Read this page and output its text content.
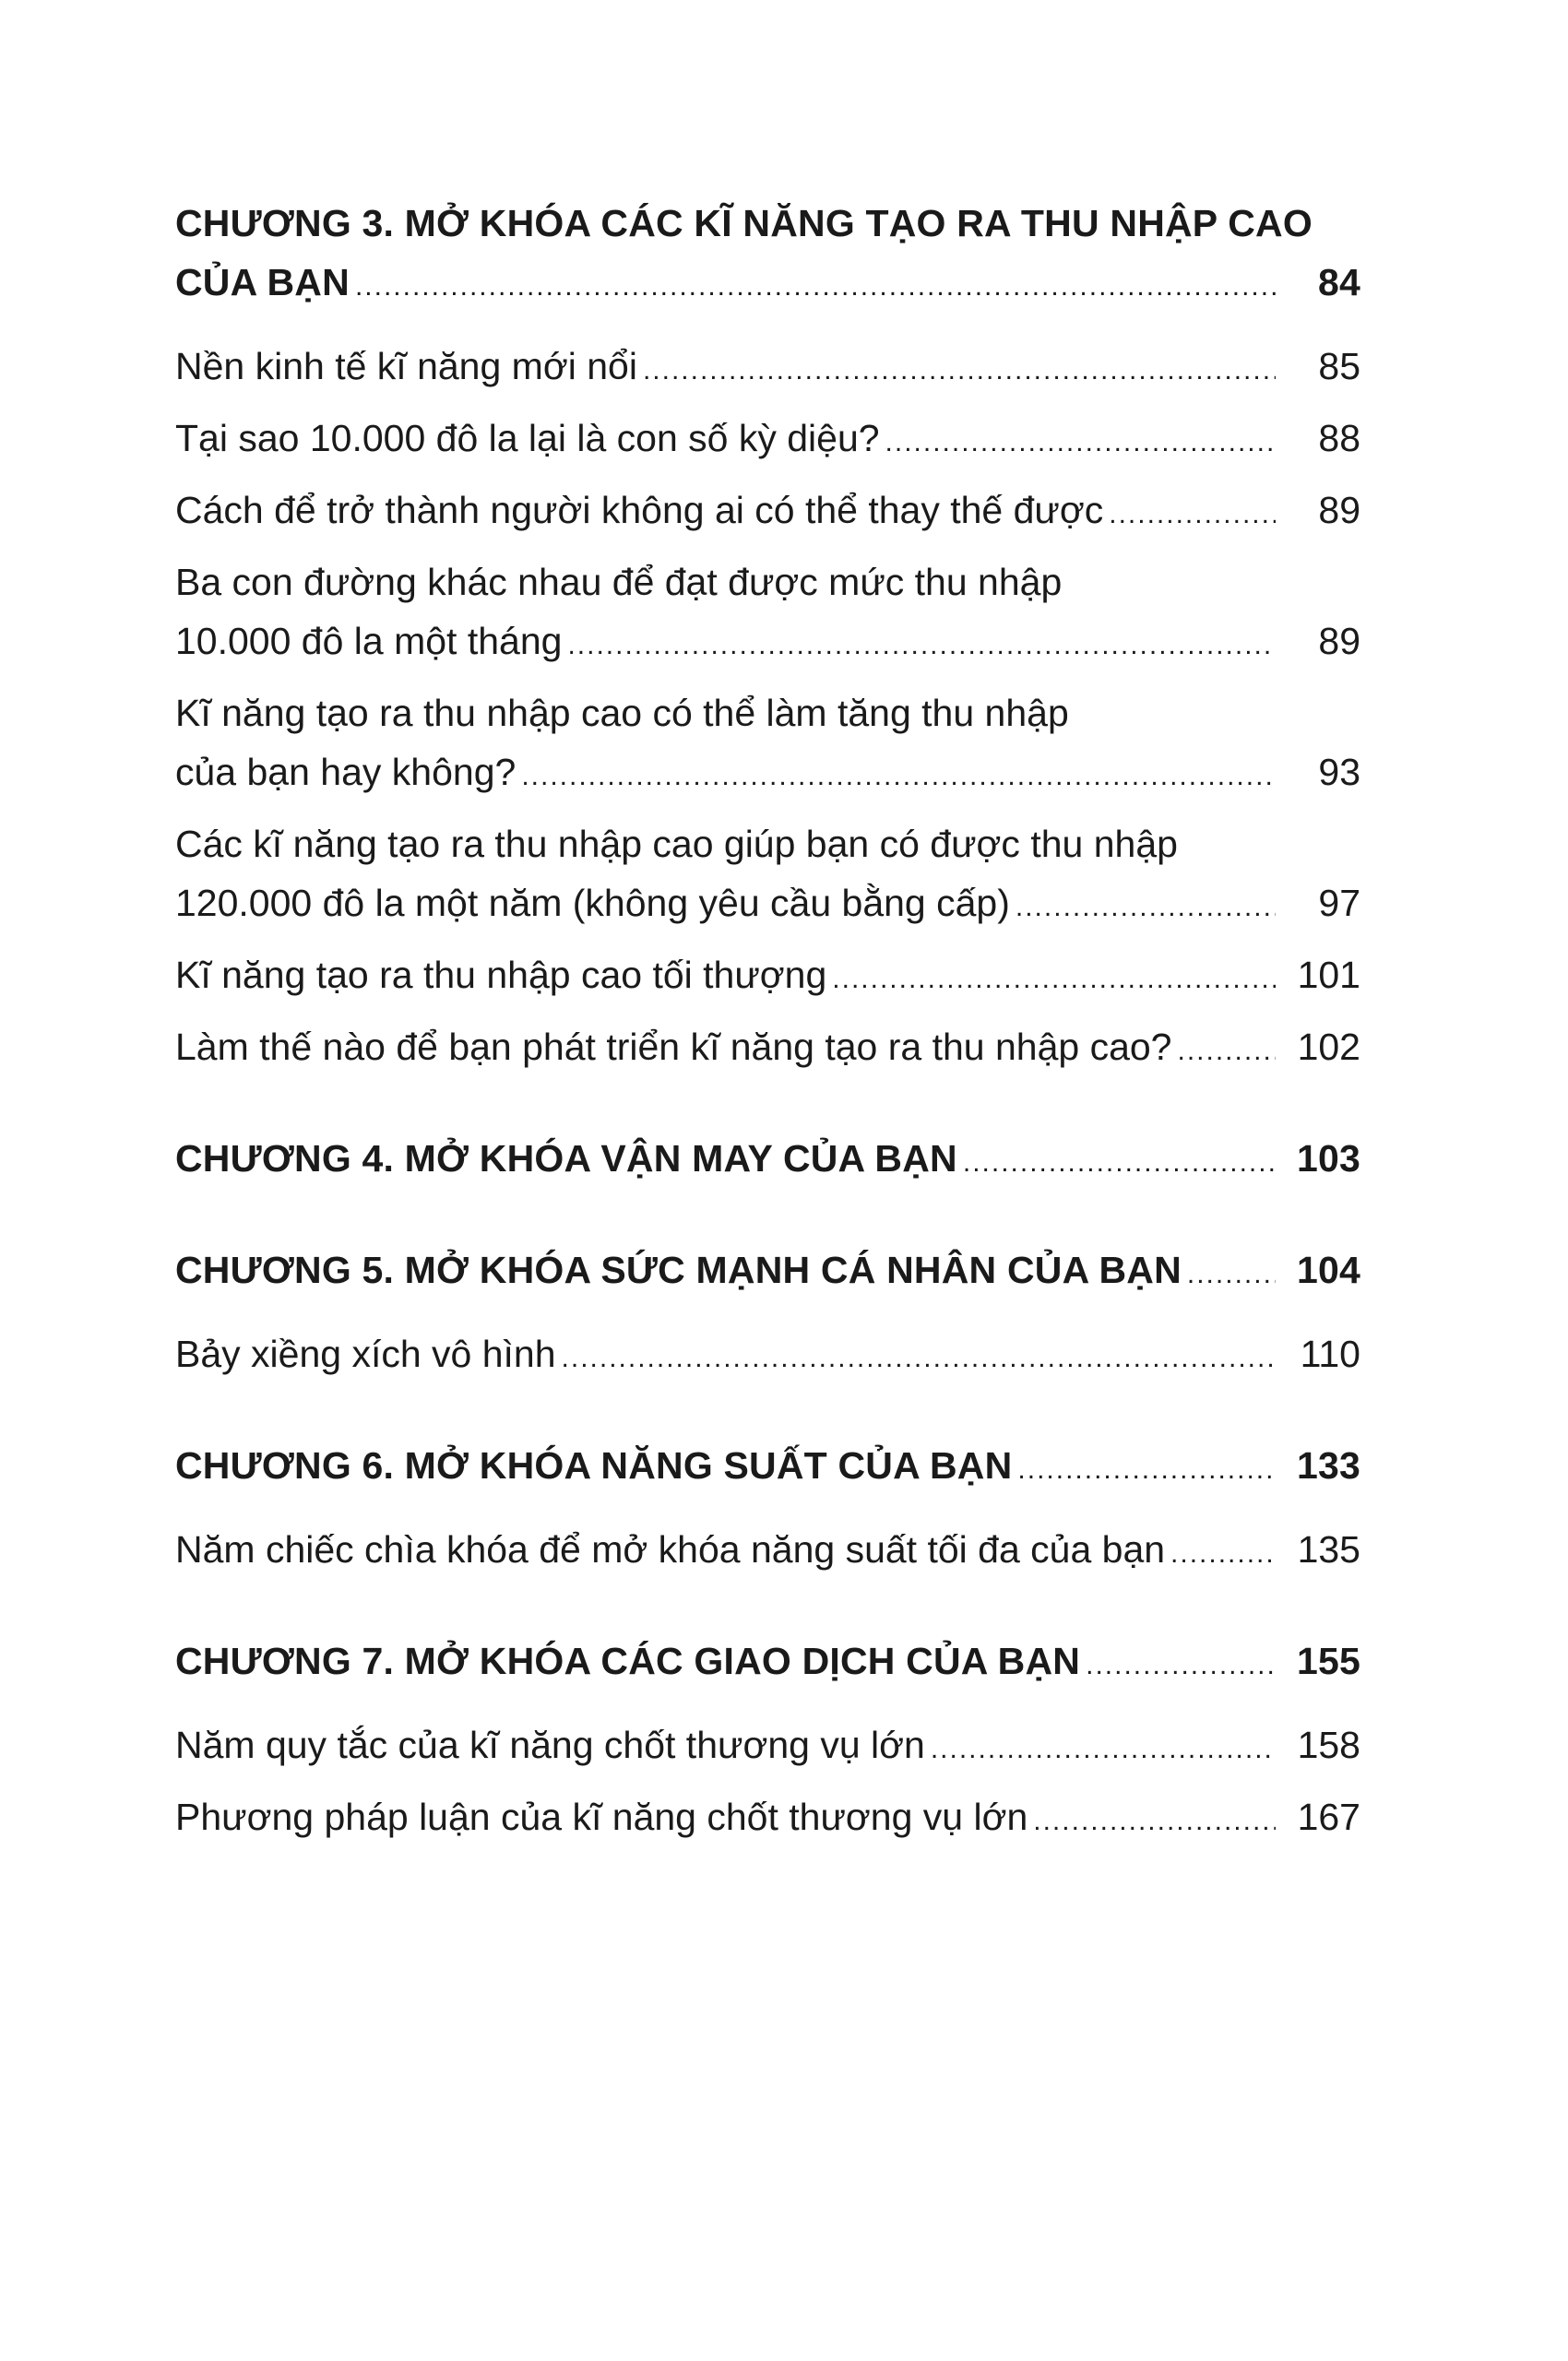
CHƯƠNG 3. MỞ KHÓA CÁC KĨ NĂNG TẠO RA THU NHẬP CAO
CỦA BẠN .....	84
Nền kinh tế kĩ năng mới nổi .....	85
Tại sao 10.000 đô la lại là con số kỳ diệu? .....	88
Cách để trở thành người không ai có thể thay thế được .....	89
Ba con đường khác nhau để đạt được mức thu nhập
10.000 đô la một tháng .....	89
Kĩ năng tạo ra thu nhập cao có thể làm tăng thu nhập
của bạn hay không? .....	93
Các kĩ năng tạo ra thu nhập cao giúp bạn có được thu nhập
120.000 đô la một năm (không yêu cầu bằng cấp) .....	97
Kĩ năng tạo ra thu nhập cao tối thượng .....	101
Làm thế nào để bạn phát triển kĩ năng tạo ra thu nhập cao? .....	102
CHƯƠNG 4. MỞ KHÓA VẬN MAY CỦA BẠN .....	103
CHƯƠNG 5. MỞ KHÓA SỨC MẠNH CÁ NHÂN CỦA BẠN .....	104
Bảy xiềng xích vô hình .....	110
CHƯƠNG 6. MỞ KHÓA NĂNG SUẤT CỦA BẠN .....	133
Năm chiếc chìa khóa để mở khóa năng suất tối đa của bạn .....	135
CHƯƠNG 7. MỞ KHÓA CÁC GIAO DỊCH CỦA BẠN .....	155
Năm quy tắc của kĩ năng chốt thương vụ lớn .....	158
Phương pháp luận của kĩ năng chốt thương vụ lớn .....	167
